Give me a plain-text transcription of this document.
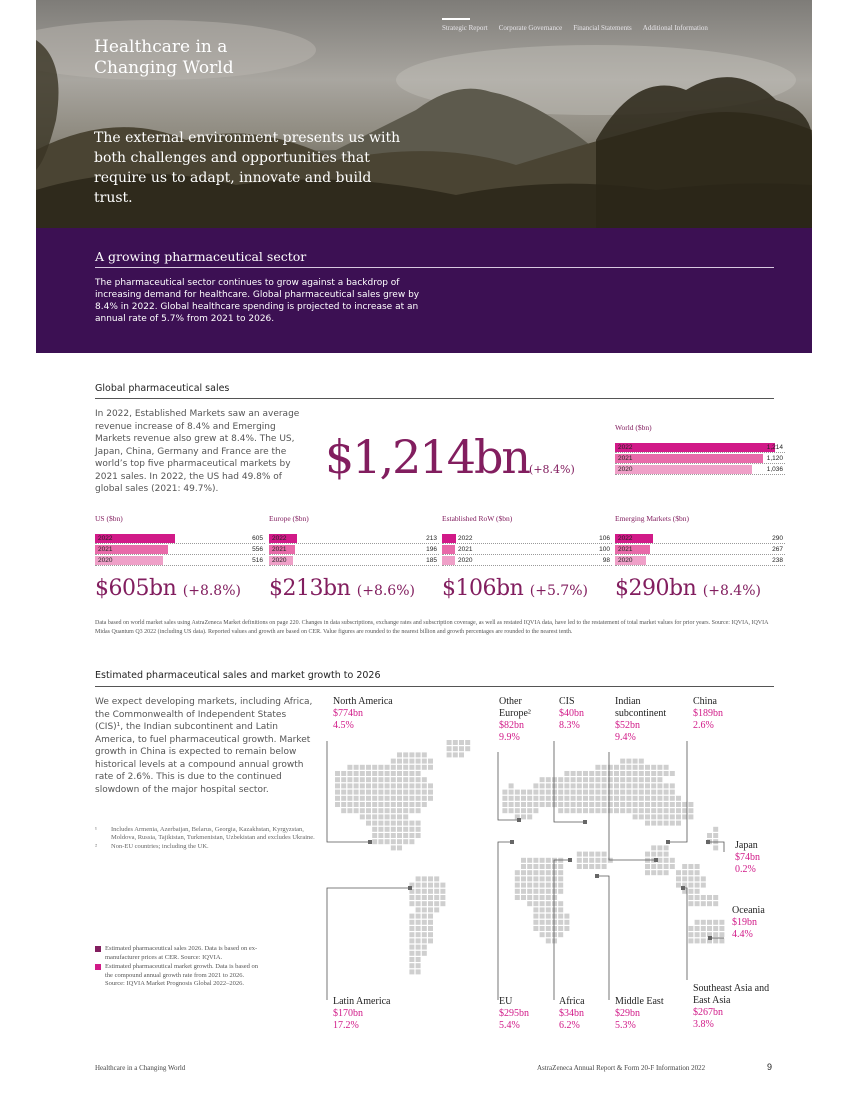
Strategic Report Corporate Governance Financial Statements Additional Information
Healthcare in a Changing World

The external environment presents us with both challenges and opportunities that require us to adapt, innovate and build trust.

A growing pharmaceutical sector

The pharmaceutical sector continues to grow against a backdrop of increasing demand for healthcare. Global pharmaceutical sales grew by 8.4% in 2022. Global healthcare spending is projected to increase at an annual rate of 5.7% from 2021 to 2026.

Global pharmaceutical sales

In 2022, Established Markets saw an average revenue increase of 8.4% and Emerging Markets revenue also grew at 8.4%. The US, Japan, China, Germany and France are the world’s top five pharmaceutical markets by 2021 sales. In 2022, the US had 49.8% of global sales (2021: 49.7%).

$1,214bn(+8.4%)
World ($bn)
2022	1,214
2021	1,120
2020	1,036
US ($bn)
2022	605
2021	556
2020	516
$605bn (+8.8%)
Europe ($bn)
2022	213
2021	196
2020	185
$213bn (+8.6%)
Established RoW ($bn)
2022	106
2021	100
2020	98
$106bn (+5.7%)
Emerging Markets ($bn)
2022	290
2021	267
2020	238
$290bn (+8.4%)

Data based on world market sales using AstraZeneca Market definitions on page 220. Changes in data subscriptions, exchange rates and subscription coverage, as well as restated IQVIA data, have led to the restatement of total market values for prior years. Source: IQVIA, IQVIA Midas Quantum Q3 2022 (including US data). Reported values and growth are based on CER. Value figures are rounded to the nearest billion and growth percentages are rounded to the nearest tenth.

Estimated pharmaceutical sales and market growth to 2026

We expect developing markets, including Africa, the Commonwealth of Independent States (CIS)¹, the Indian subcontinent and Latin America, to fuel pharmaceutical growth. Market growth in China is expected to remain below historical levels at a compound annual growth rate of 2.6%. This is due to the continued slowdown of the major hospital sector.

¹ Includes Armenia, Azerbaijan, Belarus, Georgia, Kazakhstan, Kyrgyzstan, Moldova, Russia, Tajikistan, Turkmenistan, Uzbekistan and excludes Ukraine.
² Non-EU countries; including the UK.
Estimated pharmaceutical sales 2026. Data is based on ex-manufacturer prices at CER. Source: IQVIA.
Estimated pharmaceutical market growth. Data is based on the compound annual growth rate from 2021 to 2026. Source: IQVIA Market Prognosis Global 2022–2026.
North America
$774bn
4.5%
Other Europe²
$82bn
9.9%
CIS
$40bn
8.3%
Indian subcontinent
$52bn
9.4%
China
$189bn
2.6%
Japan
$74bn
0.2%
Oceania
$19bn
4.4%
Latin America
$170bn
17.2%
EU
$295bn
5.4%
Africa
$34bn
6.2%
Middle East
$29bn
5.3%
Southeast Asia and East Asia
$267bn
3.8%
Healthcare in a Changing World	AstraZeneca Annual Report & Form 20-F Information 2022	9
